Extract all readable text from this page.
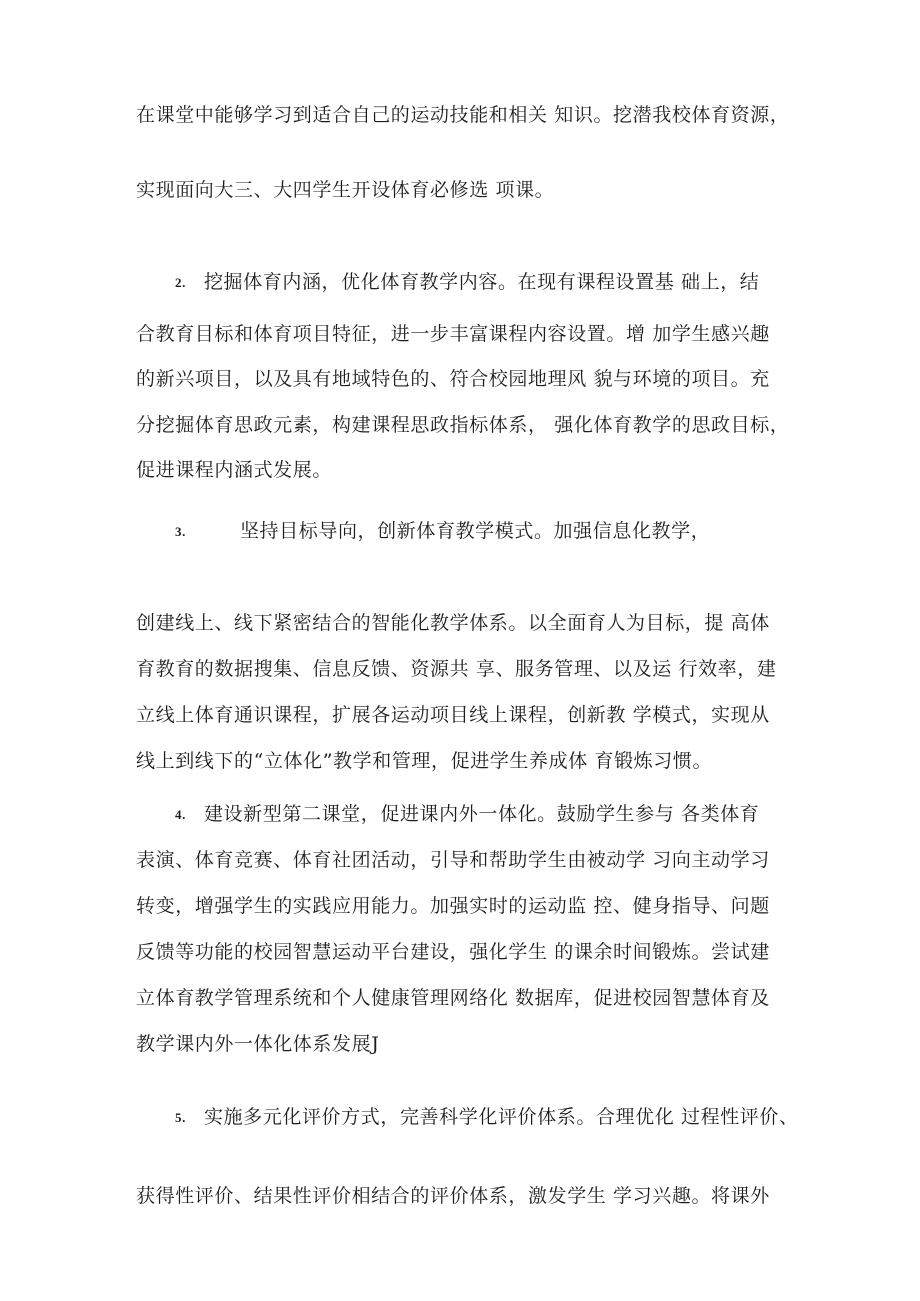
在课堂中能够学习到适合自己的运动技能和相关 知识。挖潜我校体育资源，
实现面向大三、大四学生开设体育必修选 项课。
2. 挖掘体育内涵，优化体育教学内容。在现有课程设置基 础上，结
合教育目标和体育项目特征，进一步丰富课程内容设置。增 加学生感兴趣
的新兴项目，以及具有地域特色的、符合校园地理风 貌与环境的项目。充
分挖掘体育思政元素，构建课程思政指标体系， 强化体育教学的思政目标，
促进课程内涵式发展。
3.	坚持目标导向，创新体育教学模式。加强信息化教学，
创建线上、线下紧密结合的智能化教学体系。以全面育人为目标，提 高体
育教育的数据搜集、信息反馈、资源共 享、服务管理、以及运 行效率，建
立线上体育通识课程，扩展各运动项目线上课程，创新教 学模式，实现从
线上到线下的“立体化”教学和管理，促进学生养成体 育锻炼习惯。
4. 建设新型第二课堂，促进课内外一体化。鼓励学生参与 各类体育
表演、体育竞赛、体育社团活动，引导和帮助学生由被动学 习向主动学习
转变，增强学生的实践应用能力。加强实时的运动监 控、健身指导、问题
反馈等功能的校园智慧运动平台建设，强化学生 的课余时间锻炼。尝试建
立体育教学管理系统和个人健康管理网络化 数据库，促进校园智慧体育及
教学课内外一体化体系发展J
5. 实施多元化评价方式，完善科学化评价体系。合理优化 过程性评价、
获得性评价、结果性评价相结合的评价体系，激发学生 学习兴趣。将课外
